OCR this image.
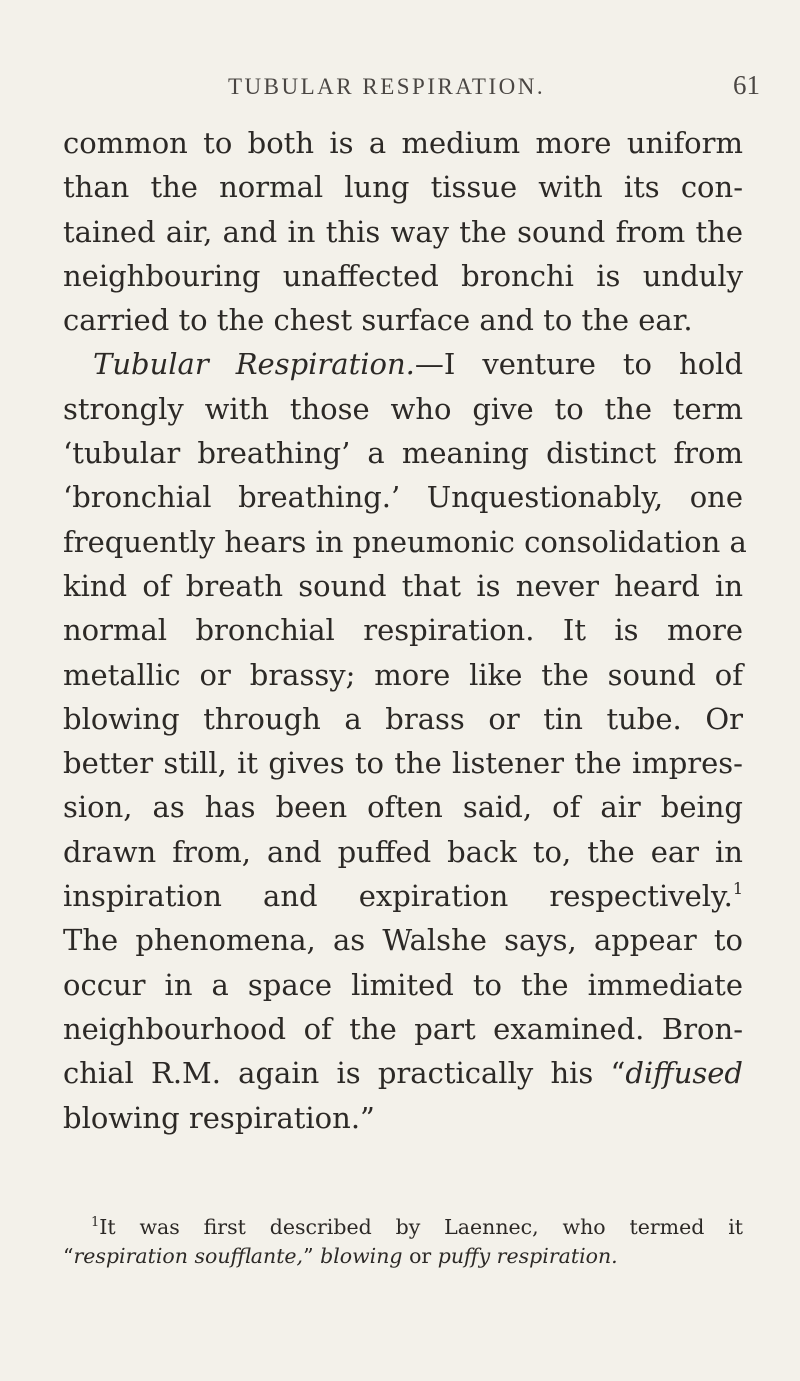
TUBULAR RESPIRATION.	61
common to both is a medium more uniform
than the normal lung tissue with its con-
tained air, and in this way the sound from the
neighbouring unaffected bronchi is unduly
carried to the chest surface and to the ear.
Tubular Respiration.—I venture to hold
strongly with those who give to the term
‘tubular breathing’ a meaning distinct from
‘bronchial breathing.’ Unquestionably, one
frequently hears in pneumonic consolidation a
kind of breath sound that is never heard in
normal bronchial respiration. It is more
metallic or brassy; more like the sound of
blowing through a brass or tin tube. Or
better still, it gives to the listener the impres-
sion, as has been often said, of air being
drawn from, and puffed back to, the ear in
inspiration and expiration respectively.$^1$
The phenomena, as Walshe says, appear to
occur in a space limited to the immediate
neighbourhood of the part examined. Bron-
chial R.M. again is practically his “diffused
blowing respiration.”
$^1$It was first described by Laennec, who termed it
“respiration soufflante,” blowing or puffy respiration.
